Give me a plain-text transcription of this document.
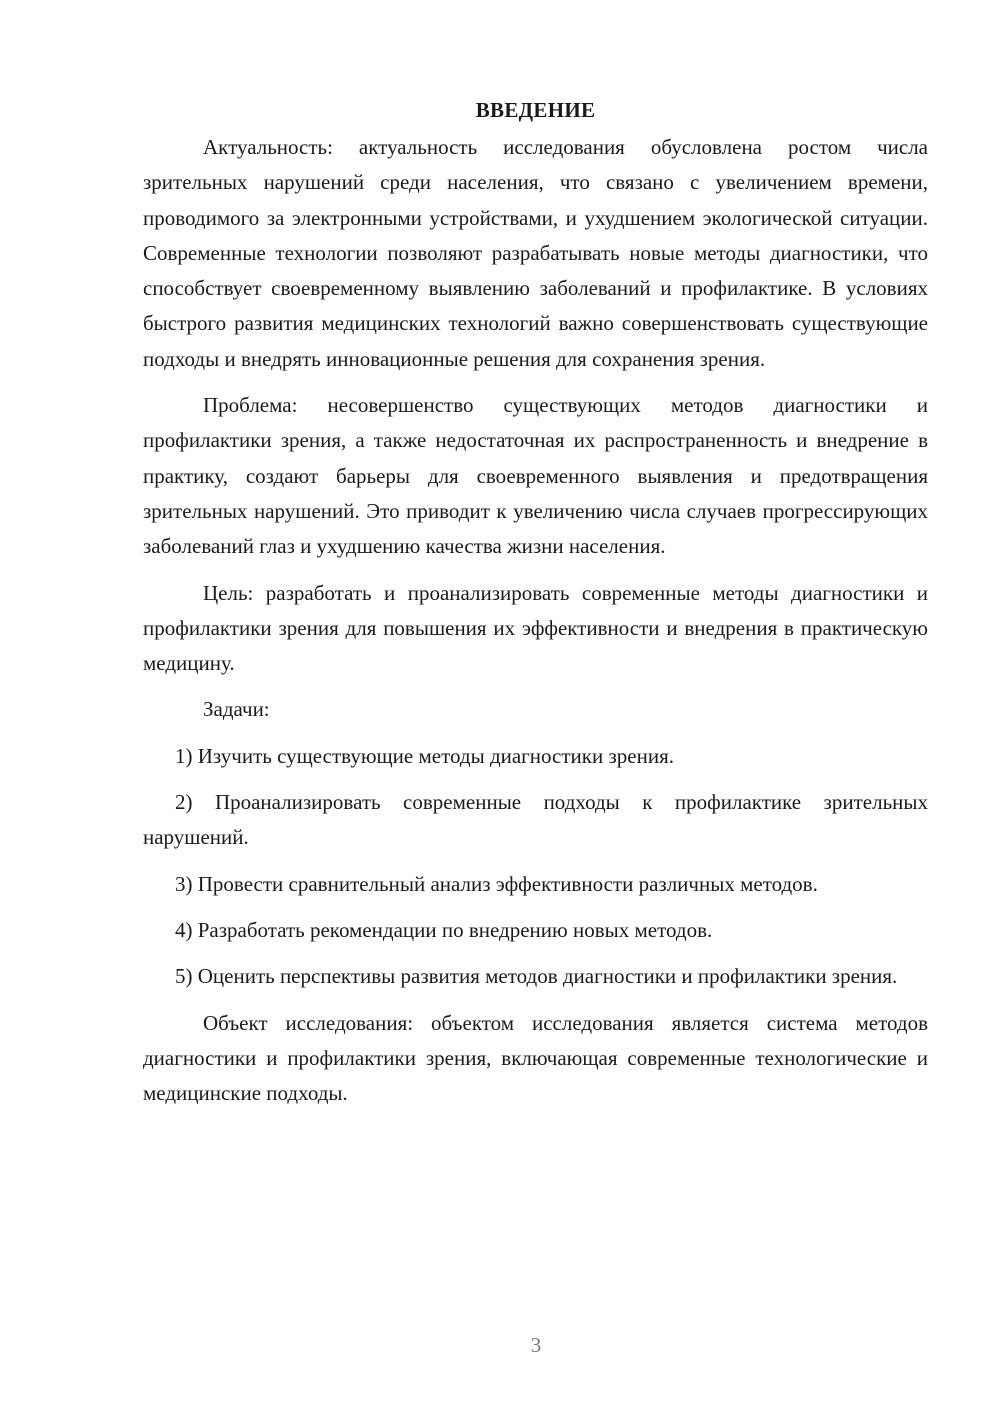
ВВЕДЕНИЕ

Актуальность: актуальность исследования обусловлена ростом числа зрительных нарушений среди населения, что связано с увеличением времени, проводимого за электронными устройствами, и ухудшением экологической ситуации. Современные технологии позволяют разрабатывать новые методы диагностики, что способствует своевременному выявлению заболеваний и профилактике. В условиях быстрого развития медицинских технологий важно совершенствовать существующие подходы и внедрять инновационные решения для сохранения зрения.

Проблема: несовершенство существующих методов диагностики и профилактики зрения, а также недостаточная их распространенность и внедрение в практику, создают барьеры для своевременного выявления и предотвращения зрительных нарушений. Это приводит к увеличению числа случаев прогрессирующих заболеваний глаз и ухудшению качества жизни населения.

Цель: разработать и проанализировать современные методы диагностики и профилактики зрения для повышения их эффективности и внедрения в практическую медицину.

Задачи:

1) Изучить существующие методы диагностики зрения.

2) Проанализировать современные подходы к профилактике зрительных нарушений.

3) Провести сравнительный анализ эффективности различных методов.

4) Разработать рекомендации по внедрению новых методов.

5) Оценить перспективы развития методов диагностики и профилактики зрения.

Объект исследования: объектом исследования является система методов диагностики и профилактики зрения, включающая современные технологические и медицинские подходы.

3
